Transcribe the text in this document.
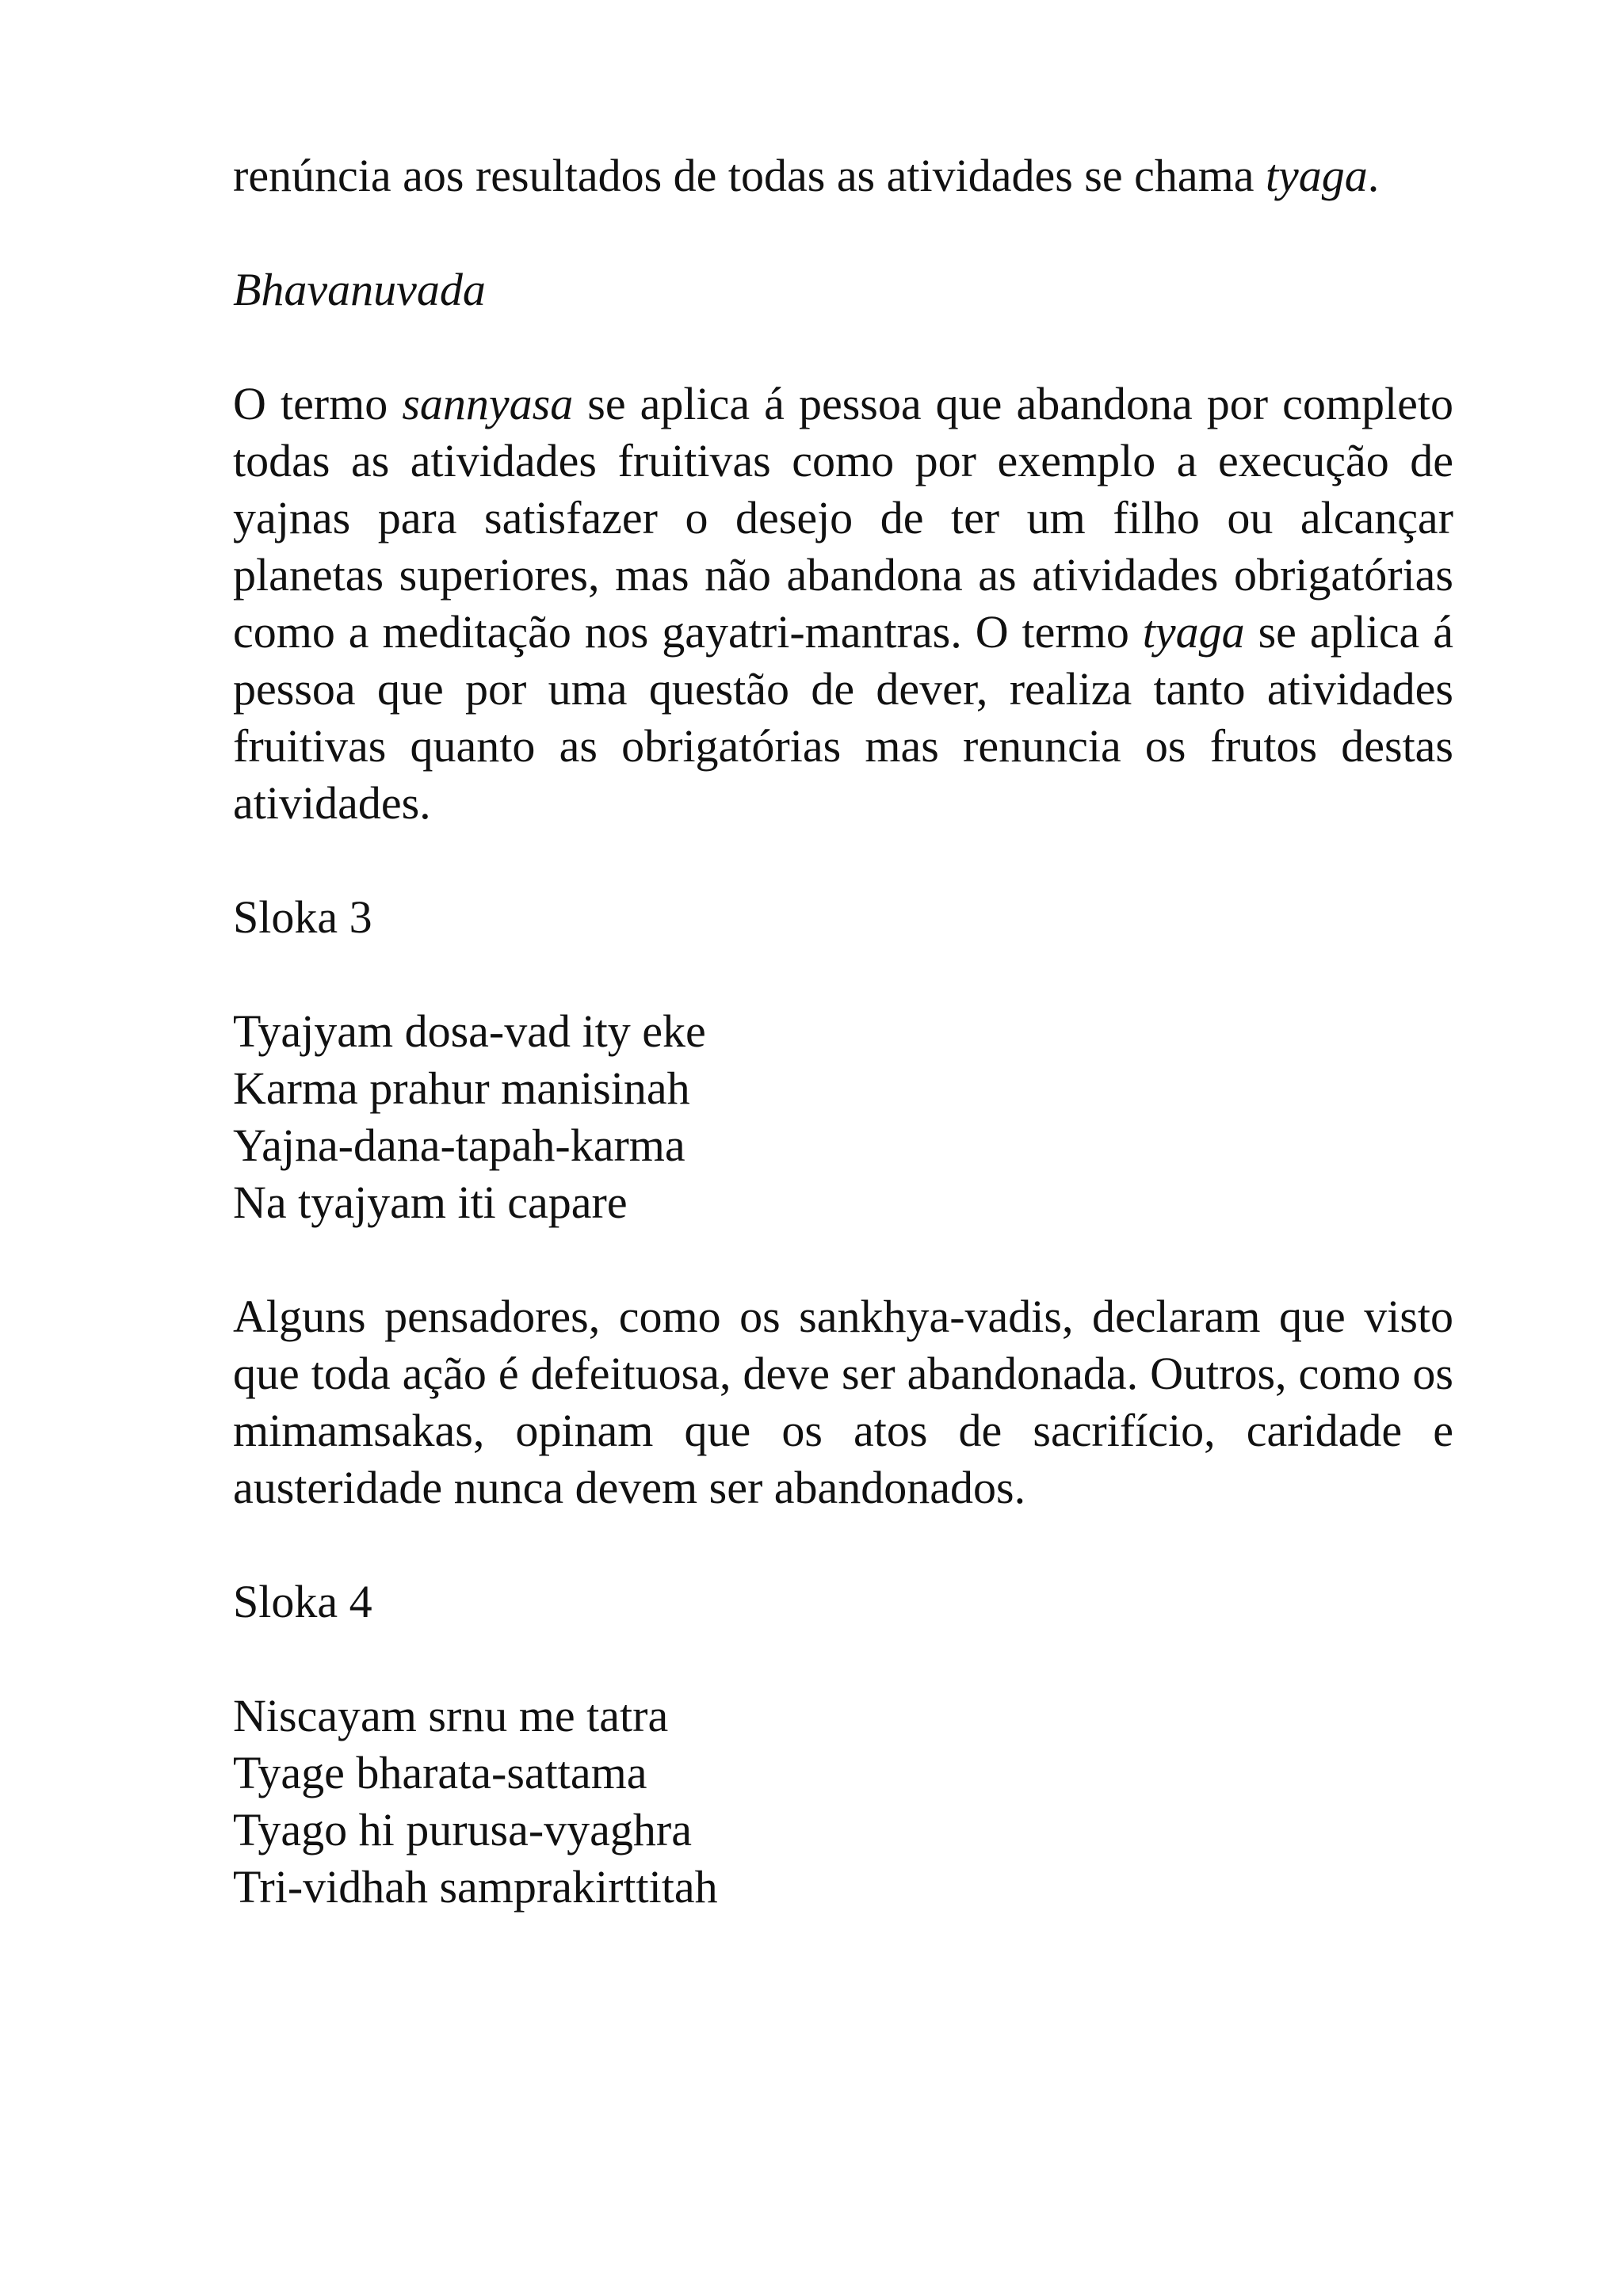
renúncia aos resultados de todas as atividades se chama tyaga.

Bhavanuvada

O termo sannyasa se aplica á pessoa que abandona por completo todas as atividades fruitivas como por exemplo a execução de yajnas para satisfazer o desejo de ter um filho ou alcançar planetas superiores, mas não abandona as atividades obrigatórias como a meditação nos gayatri-mantras. O termo tyaga se aplica á pessoa que por uma questão de dever, realiza tanto atividades fruitivas quanto as obrigatórias mas renuncia os frutos destas atividades.

Sloka 3

Tyajyam dosa-vad ity eke
Karma prahur manisinah
Yajna-dana-tapah-karma
Na tyajyam iti capare

Alguns pensadores, como os sankhya-vadis, declaram que visto que toda ação é defeituosa, deve ser abandonada. Outros, como os mimamsakas, opinam que os atos de sacrifício, caridade e austeridade nunca devem ser abandonados.

Sloka 4

Niscayam srnu me tatra
Tyage bharata-sattama
Tyago hi purusa-vyaghra
Tri-vidhah samprakirttitah
